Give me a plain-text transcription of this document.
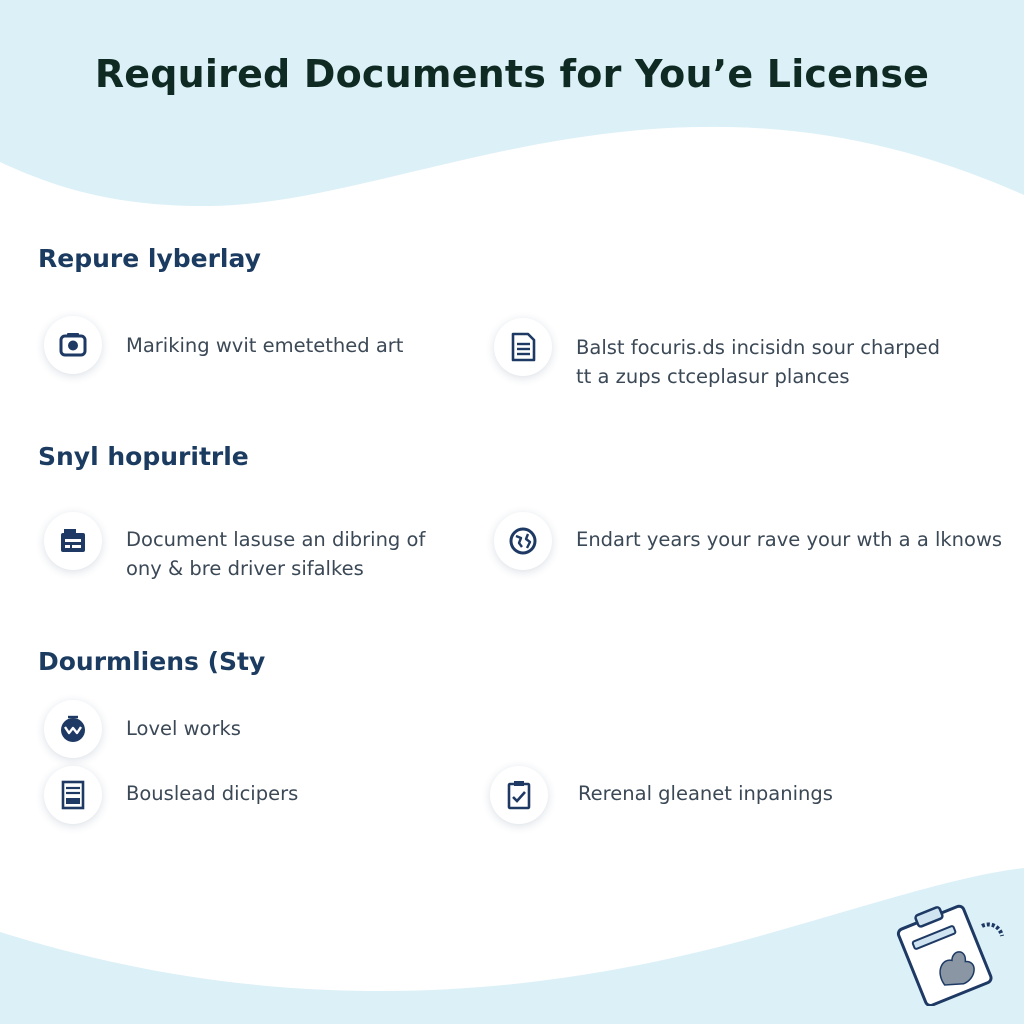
Required Documents for You’e License
Repure lyberlay

Mariking wvit emetethed art	Balst focuris.ds incisidn sour charped

tt a zups ctceplasur plances

Snyl hopuritrle

Document lasuse an dibring of

ony & bre driver sifalkes

Endart years your rave your wth a a lknows

Dourmliens (Sty

Lovel works

Bouslead dicipers	Rerenal gleanet inpanings
